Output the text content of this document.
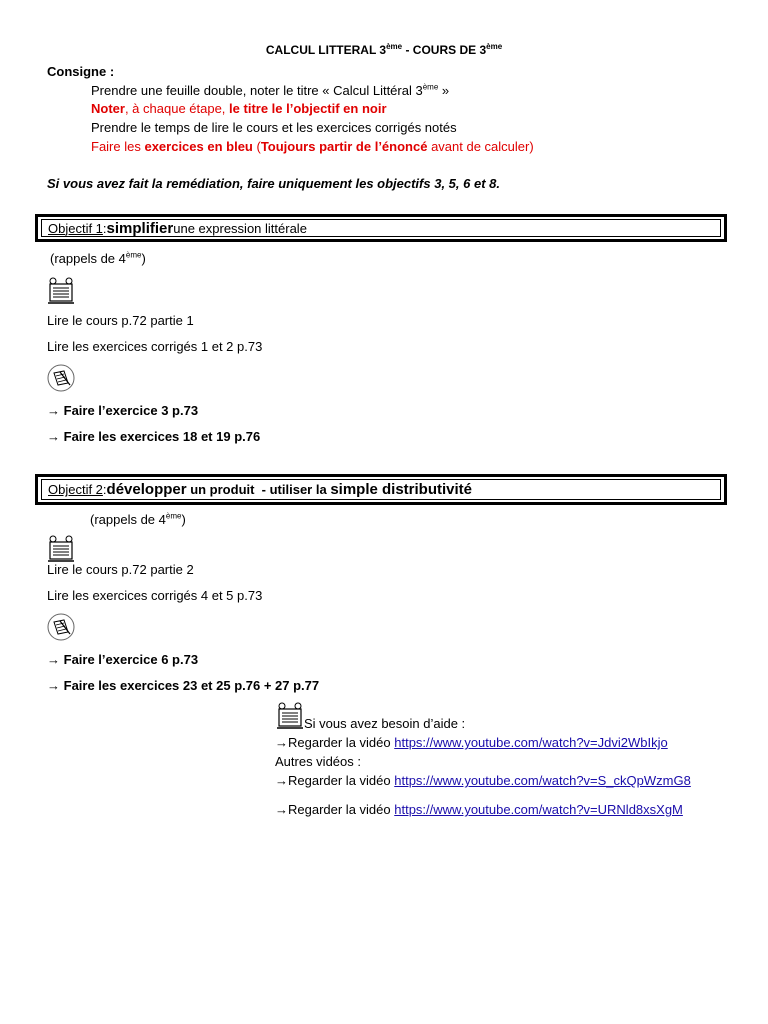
CALCUL LITTERAL 3ème - COURS DE 3ème
Consigne :
Prendre une feuille double, noter le titre « Calcul Littéral 3ème »
Noter, à chaque étape, le titre le l’objectif en noir
Prendre le temps de lire le cours et les exercices corrigés notés
Faire les exercices en bleu (Toujours partir de l’énoncé avant de calculer)
Si vous avez fait la remédiation, faire uniquement les objectifs 3, 5, 6 et 8.
Objectif 1 : simplifier une expression littérale
(rappels de 4ème)
Lire le cours p.72 partie 1
Lire les exercices corrigés 1 et 2 p.73
→ Faire l’exercice 3 p.73
→ Faire les exercices 18 et 19 p.76
Objectif 2 : développer un produit  - utiliser la simple distributivité
(rappels de 4ème)
Lire le cours p.72 partie 2
Lire les exercices corrigés 4 et 5 p.73
→ Faire l’exercice 6 p.73
→ Faire les exercices 23 et 25 p.76 + 27 p.77
Si vous avez besoin d’aide :
→Regarder la vidéo https://www.youtube.com/watch?v=Jdvi2WbIkjo
Autres vidéos :
→Regarder la vidéo https://www.youtube.com/watch?v=S_ckQpWzmG8
→Regarder la vidéo https://www.youtube.com/watch?v=URNld8xsXgM
